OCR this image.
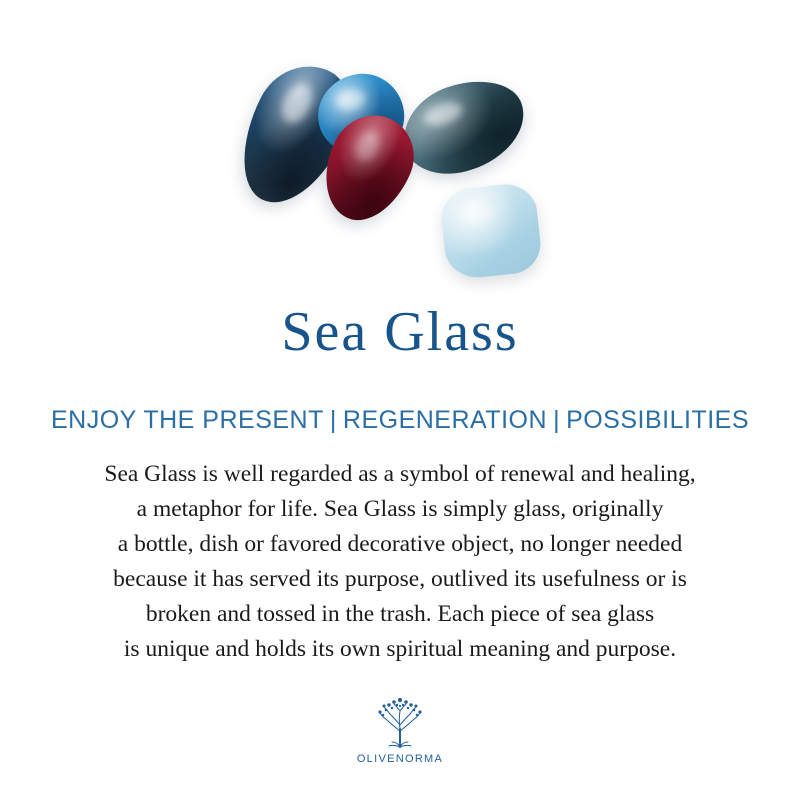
Sea Glass
ENJOY THE PRESENT | REGENERATION | POSSIBILITIES
Sea Glass is well regarded as a symbol of renewal and healing,
a metaphor for life. Sea Glass is simply glass, originally
a bottle, dish or favored decorative object, no longer needed
because it has served its purpose, outlived its usefulness or is
broken and tossed in the trash. Each piece of sea glass
is unique and holds its own spiritual meaning and purpose.
OLIVENORMA
